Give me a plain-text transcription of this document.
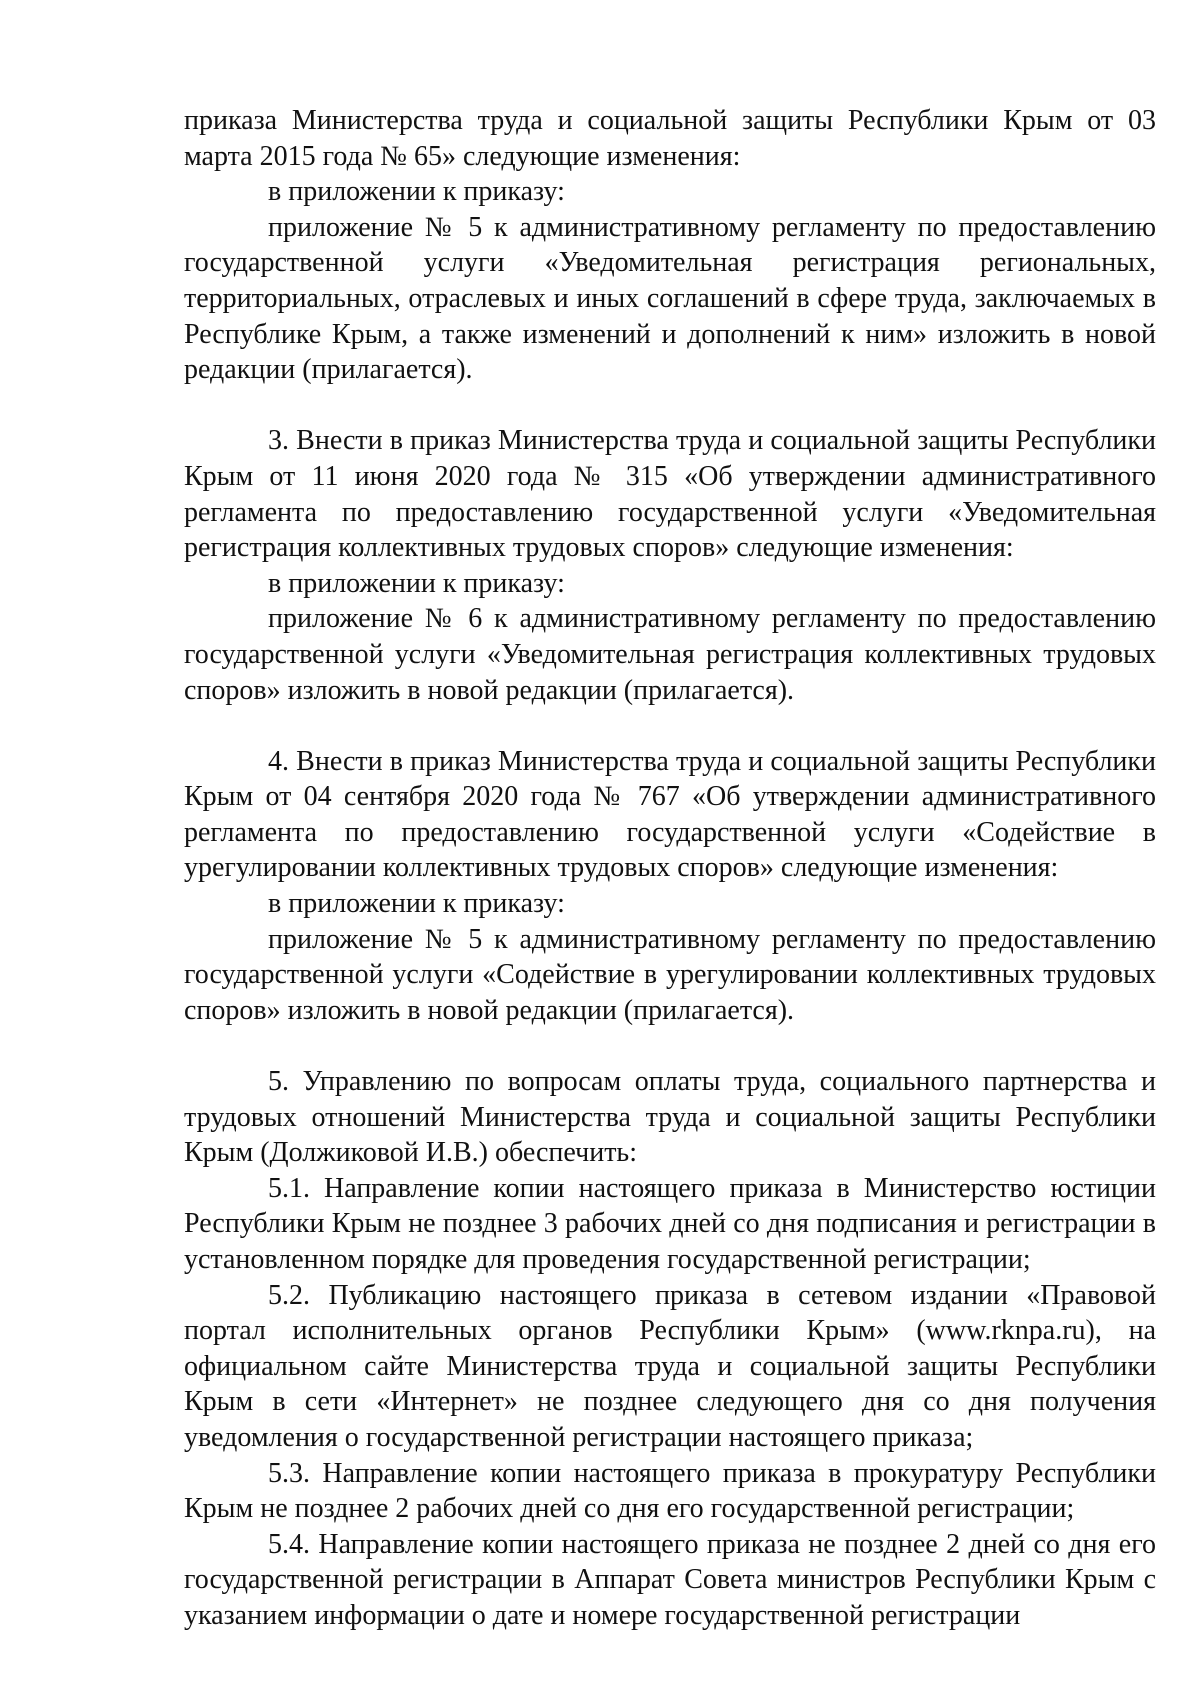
приказа Министерства труда и социальной защиты Республики Крым от 03 марта 2015 года № 65» следующие изменения:

в приложении к приказу:

приложение № 5 к административному регламенту по предоставлению государственной услуги «Уведомительная регистрация региональных, территориальных, отраслевых и иных соглашений в сфере труда, заключаемых в Республике Крым, а также изменений и дополнений к ним» изложить в новой редакции (прилагается).

3. Внести в приказ Министерства труда и социальной защиты Республики Крым от 11 июня 2020 года № 315 «Об утверждении административного регламента по предоставлению государственной услуги «Уведомительная регистрация коллективных трудовых споров» следующие изменения:

в приложении к приказу:

приложение № 6 к административному регламенту по предоставлению государственной услуги «Уведомительная регистрация коллективных трудовых споров» изложить в новой редакции (прилагается).

4. Внести в приказ Министерства труда и социальной защиты Республики Крым от 04 сентября 2020 года № 767 «Об утверждении административного регламента по предоставлению государственной услуги «Содействие в урегулировании коллективных трудовых споров» следующие изменения:

в приложении к приказу:

приложение № 5 к административному регламенту по предоставлению государственной услуги «Содействие в урегулировании коллективных трудовых споров» изложить в новой редакции (прилагается).

5. Управлению по вопросам оплаты труда, социального партнерства и трудовых отношений Министерства труда и социальной защиты Республики Крым (Должиковой И.В.) обеспечить:

5.1. Направление копии настоящего приказа в Министерство юстиции Республики Крым не позднее 3 рабочих дней со дня подписания и регистрации в установленном порядке для проведения государственной регистрации;

5.2. Публикацию настоящего приказа в сетевом издании «Правовой портал исполнительных органов Республики Крым» (www.rknpa.ru), на официальном сайте Министерства труда и социальной защиты Республики Крым в сети «Интернет» не позднее следующего дня со дня получения уведомления о государственной регистрации настоящего приказа;

5.3. Направление копии настоящего приказа в прокуратуру Республики Крым не позднее 2 рабочих дней со дня его государственной регистрации;

5.4. Направление копии настоящего приказа не позднее 2 дней со дня его государственной регистрации в Аппарат Совета министров Республики Крым с указанием информации о дате и номере государственной регистрации
